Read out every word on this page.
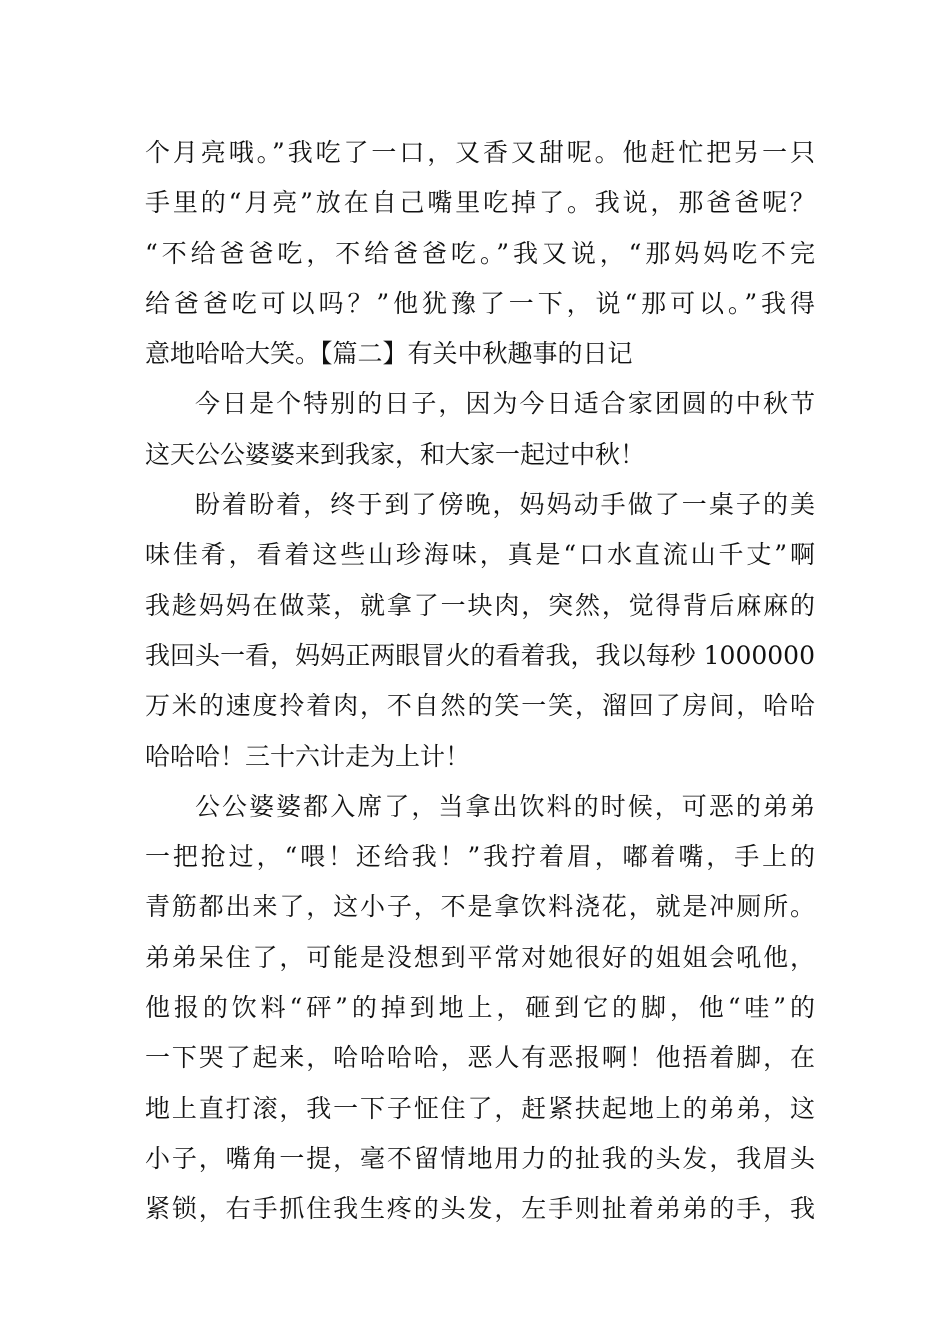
个月亮哦。”我吃了一口，又香又甜呢。他赶忙把另一只
手里的“月亮”放在自己嘴里吃掉了。我说，那爸爸呢？
“不给爸爸吃，不给爸爸吃。”我又说，“那妈妈吃不完
给爸爸吃可以吗？”他犹豫了一下，说“那可以。”我得
意地哈哈大笑。【篇二】有关中秋趣事的日记
今日是个特别的日子，因为今日适合家团圆的中秋节
这天公公婆婆来到我家，和大家一起过中秋！
盼着盼着，终于到了傍晚，妈妈动手做了一桌子的美
味佳肴，看着这些山珍海味，真是“口水直流山千丈”啊
我趁妈妈在做菜，就拿了一块肉，突然，觉得背后麻麻的
我回头一看，妈妈正两眼冒火的看着我，我以每秒 1000000
万米的速度拎着肉，不自然的笑一笑，溜回了房间，哈哈
哈哈哈！三十六计走为上计！
公公婆婆都入席了，当拿出饮料的时候，可恶的弟弟
一把抢过，“喂！还给我！”我拧着眉，嘟着嘴，手上的
青筋都出来了，这小子，不是拿饮料浇花，就是冲厕所。
弟弟呆住了，可能是没想到平常对她很好的姐姐会吼他，
他报的饮料“砰”的掉到地上，砸到它的脚，他“哇”的
一下哭了起来，哈哈哈哈，恶人有恶报啊！他捂着脚，在
地上直打滚，我一下子怔住了，赶紧扶起地上的弟弟，这
小子，嘴角一提，毫不留情地用力的扯我的头发，我眉头
紧锁，右手抓住我生疼的头发，左手则扯着弟弟的手，我
